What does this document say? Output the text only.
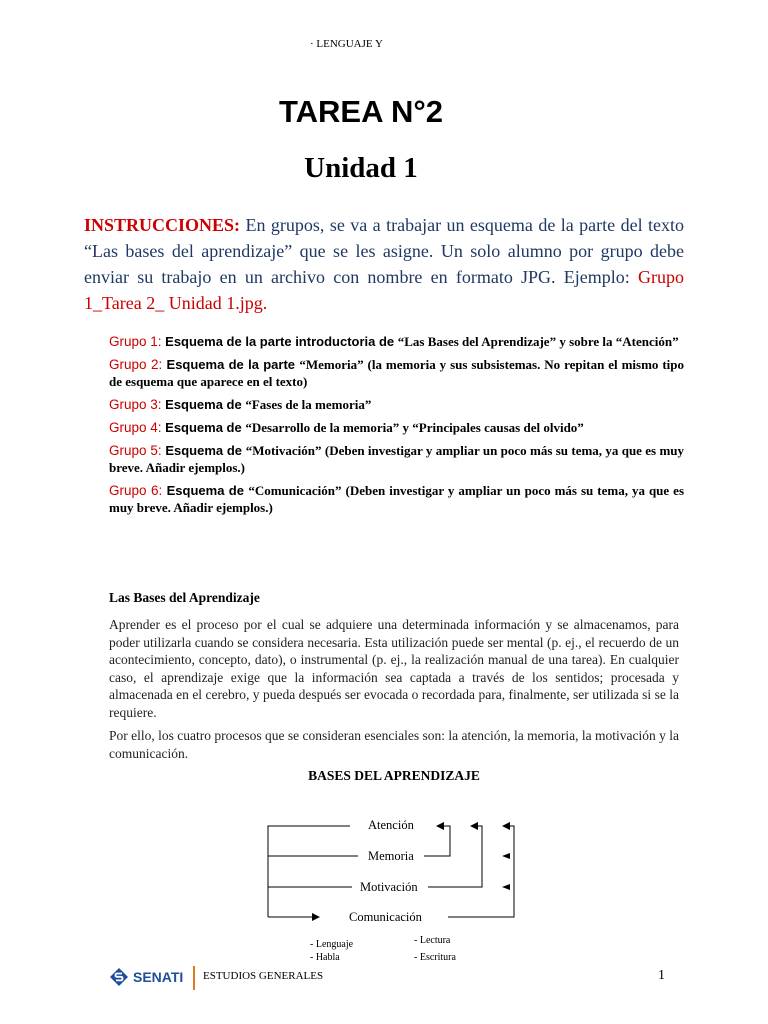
· LENGUAJE Y
TAREA N°2
Unidad 1
INSTRUCCIONES: En grupos, se va a trabajar un esquema de la parte del texto “Las bases del aprendizaje” que se les asigne. Un solo alumno por grupo debe enviar su trabajo en un archivo con nombre en formato JPG. Ejemplo: Grupo 1_Tarea 2_ Unidad 1.jpg.
Grupo 1: Esquema de la parte introductoria de “Las Bases del Aprendizaje” y sobre la “Atención”
Grupo 2: Esquema de la parte “Memoria” (la memoria y sus subsistemas. No repitan el mismo tipo de esquema que aparece en el texto)
Grupo 3: Esquema de “Fases de la memoria”
Grupo 4: Esquema de “Desarrollo de la memoria” y “Principales causas del olvido”
Grupo 5: Esquema de “Motivación” (Deben investigar y ampliar un poco más su tema, ya que es muy breve. Añadir ejemplos.)
Grupo 6: Esquema de “Comunicación” (Deben investigar y ampliar un poco más su tema, ya que es muy breve. Añadir ejemplos.)
Las Bases del Aprendizaje
Aprender es el proceso por el cual se adquiere una determinada información y se almacenamos, para poder utilizarla cuando se considera necesaria. Esta utilización puede ser mental (p. ej., el recuerdo de un acontecimiento, concepto, dato), o instrumental (p. ej., la realización manual de una tarea). En cualquier caso, el aprendizaje exige que la información sea captada a través de los sentidos; procesada y almacenada en el cerebro, y pueda después ser evocada o recordada para, finalmente, ser utilizada si se la requiere.
Por ello, los cuatro procesos que se consideran esenciales son: la atención, la memoria, la motivación y la comunicación.
BASES DEL APRENDIZAJE
Atención
Memoria
Motivación
Comunicación
- Lenguaje
- Habla
- Lectura
- Escritura
SENATI ESTUDIOS GENERALES	1
